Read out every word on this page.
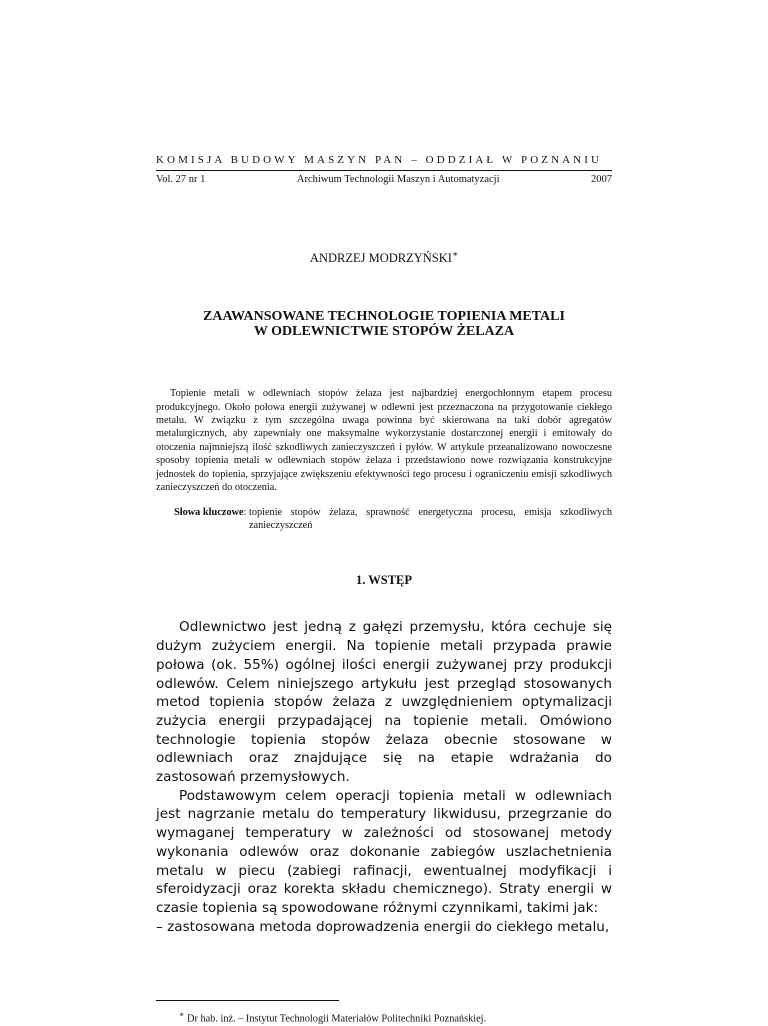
KOMISJA BUDOWY MASZYN PAN – ODDZIAŁ W POZNANIU
Vol. 27 nr 1	Archiwum Technologii Maszyn i Automatyzacji	2007
ANDRZEJ MODRZYŃSKI∗
ZAAWANSOWANE TECHNOLOGIE TOPIENIA METALI
W ODLEWNICTWIE STOPÓW ŻELAZA
Topienie metali w odlewniach stopów żelaza jest najbardziej energochłonnym etapem procesu produkcyjnego. Około połowa energii zużywanej w odlewni jest przeznaczona na przygotowanie ciekłego metalu. W związku z tym szczególna uwaga powinna być skierowana na taki dobór agregatów metalurgicznych, aby zapewniały one maksymalne wykorzystanie dostarczonej energii i emitowały do otoczenia najmniejszą ilość szkodliwych zanieczyszczeń i pyłów. W artykule przeanalizowano nowoczesne sposoby topienia metali w odlewniach stopów żelaza i przedstawiono nowe rozwiązania konstrukcyjne jednostek do topienia, sprzyjające zwiększeniu efektywności tego procesu i ograniczeniu emisji szkodliwych zanieczyszczeń do otoczenia.
Słowa kluczowe : topienie stopów żelaza, sprawność energetyczna procesu, emisja szkodliwych zanieczyszczeń
1. WSTĘP

Odlewnictwo jest jedną z gałęzi przemysłu, która cechuje się dużym zużyciem energii. Na topienie metali przypada prawie połowa (ok. 55%) ogólnej ilości energii zużywanej przy produkcji odlewów. Celem niniejszego artykułu jest przegląd stosowanych metod topienia stopów żelaza z uwzględnieniem optymalizacji zużycia energii przypadającej na topienie metali. Omówiono technologie topienia stopów żelaza obecnie stosowane w odlewniach oraz znajdujące się na etapie wdrażania do zastosowań przemysłowych.

Podstawowym celem operacji topienia metali w odlewniach jest nagrzanie metalu do temperatury likwidusu, przegrzanie do wymaganej temperatury w zależności od stosowanej metody wykonania odlewów oraz dokonanie zabiegów uszlachetnienia metalu w piecu (zabiegi rafinacji, ewentualnej modyfikacji i sferoidyzacji oraz korekta składu chemicznego). Straty energii w czasie topienia są spowodowane różnymi czynnikami, takimi jak:

– zastosowana metoda doprowadzenia energii do ciekłego metalu,

∗ Dr hab. inż. – Instytut Technologii Materiałów Politechniki Poznańskiej.
